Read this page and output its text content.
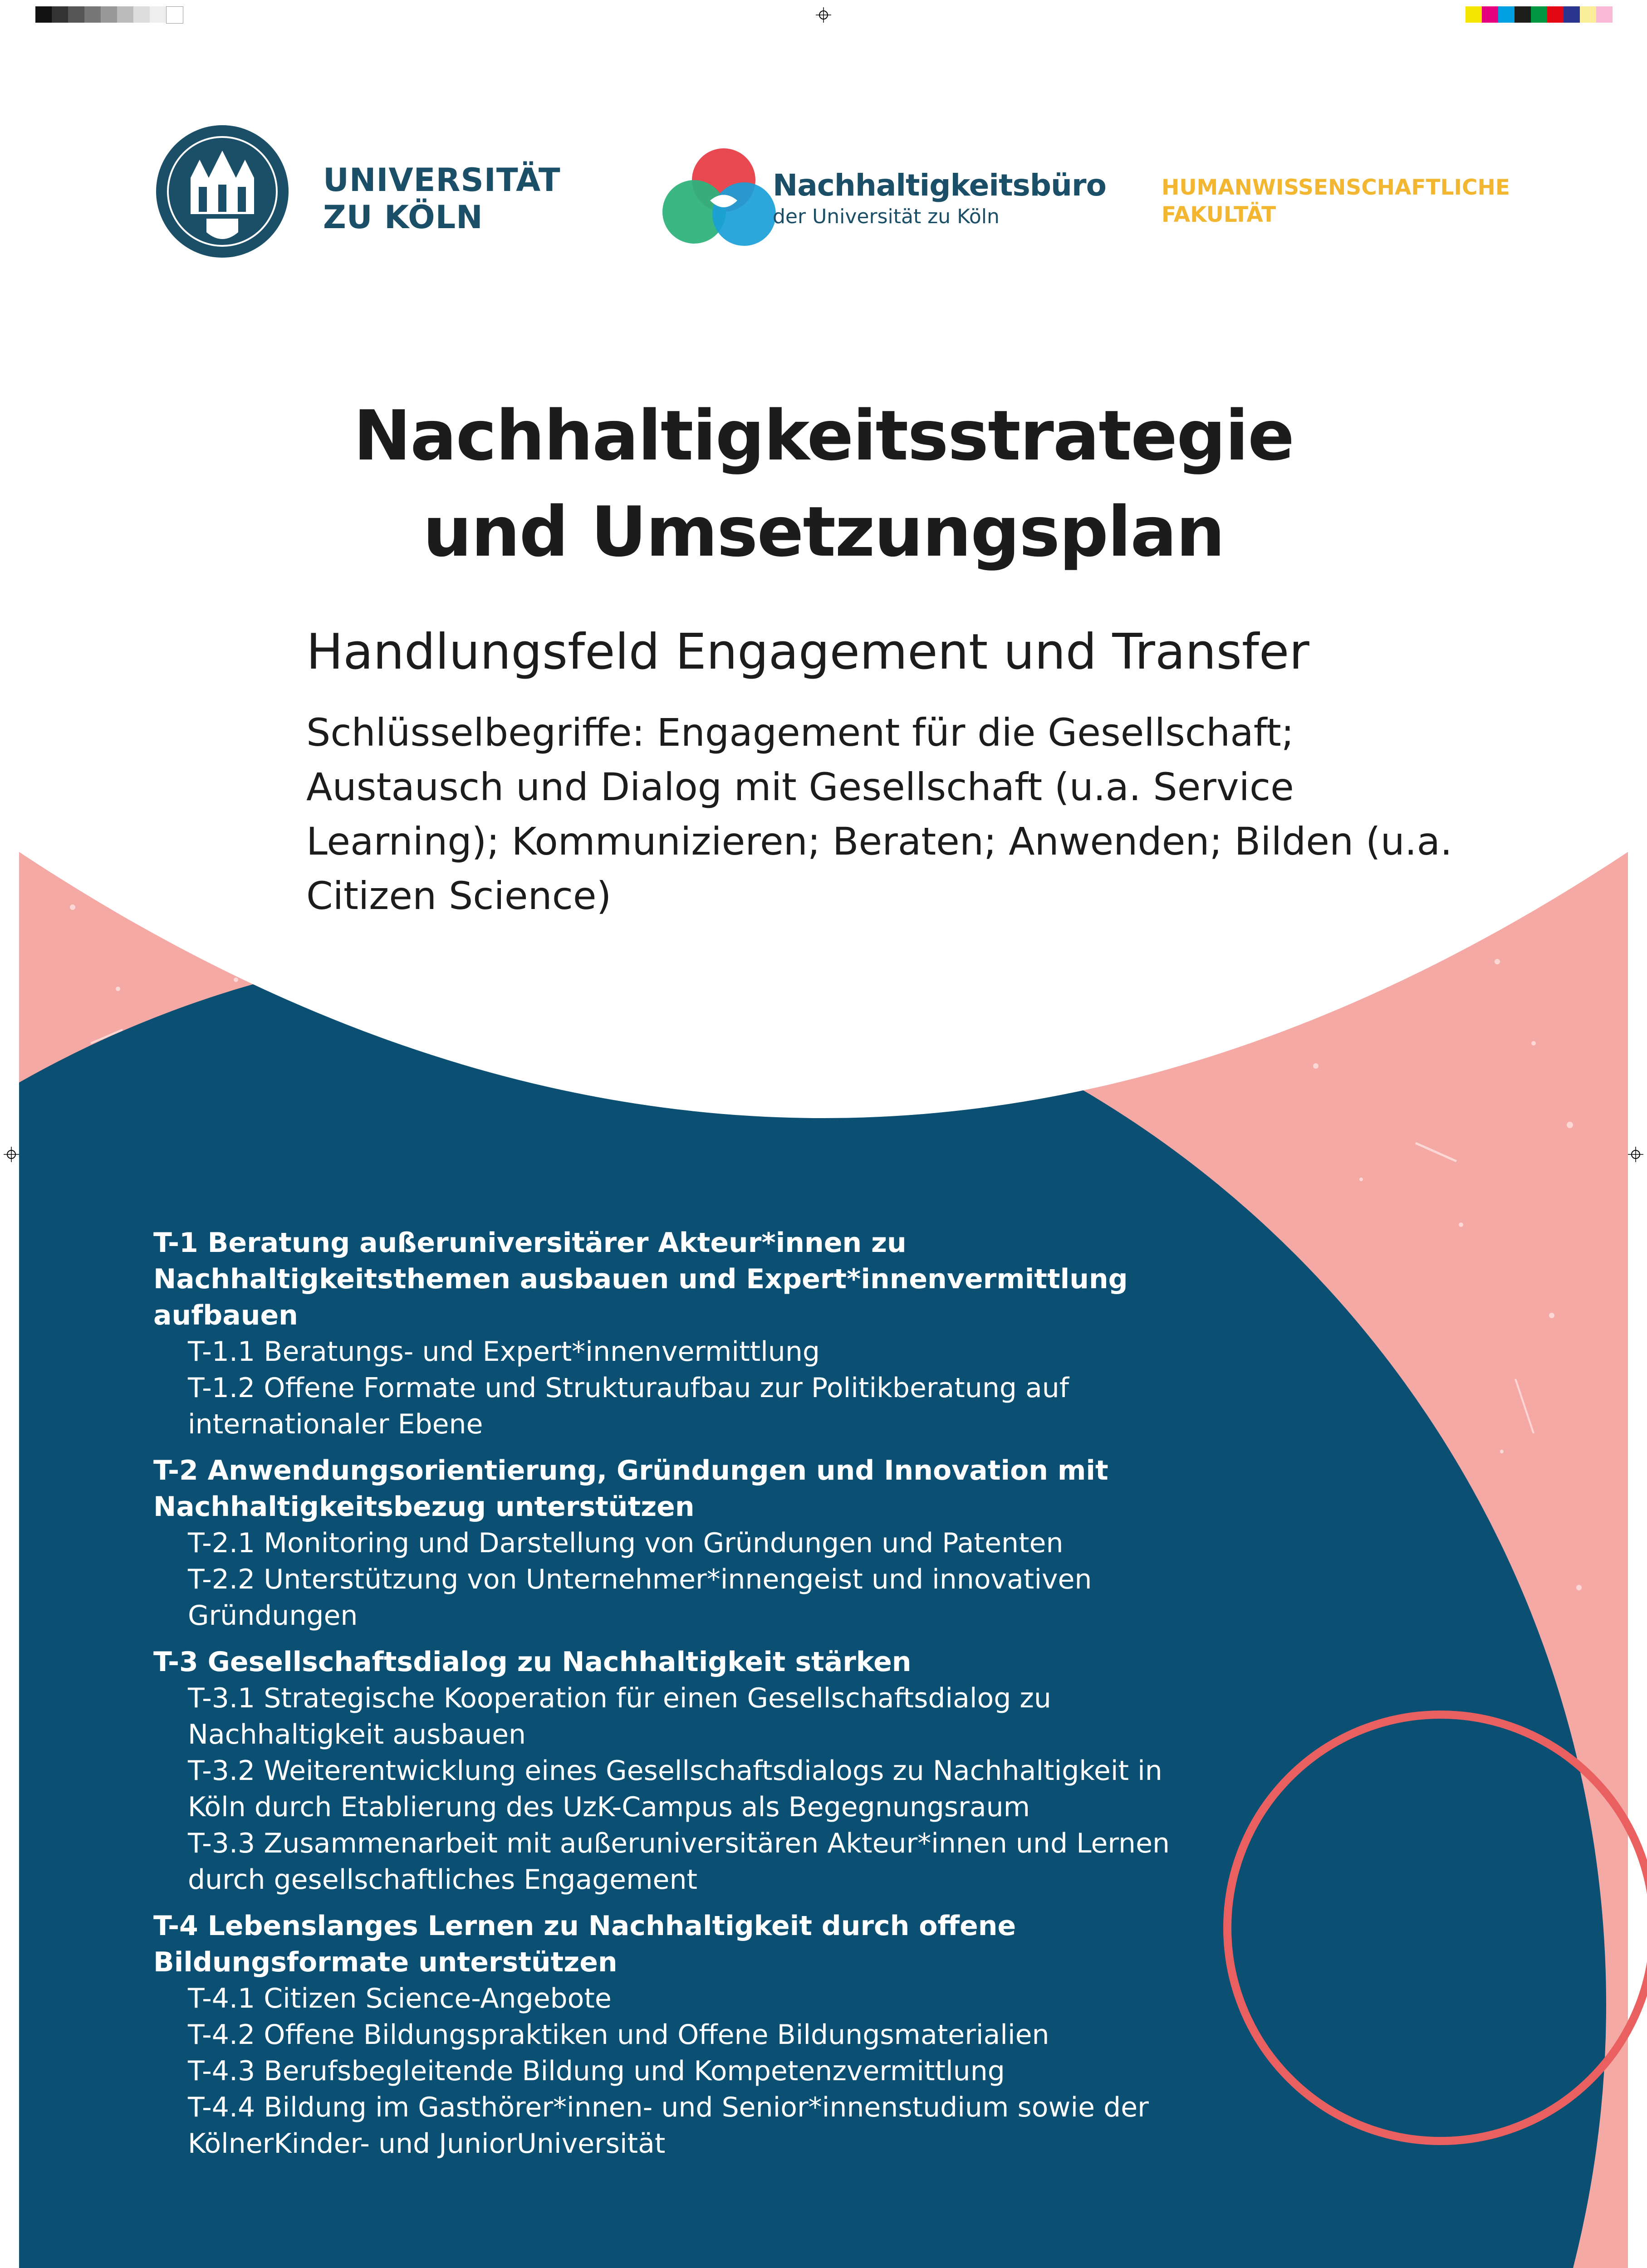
UNIVERSITÄT ZU KÖLN
Nachhaltigkeitsbüro
der Universität zu Köln
HUMANWISSENSCHAFTLICHE FAKULTÄT
Nachhaltigkeitsstrategie und Umsetzungsplan
Handlungsfeld Engagement und Transfer

Schlüsselbegriffe: Engagement für die Gesellschaft; Austausch und Dialog mit Gesellschaft (u.a. Service Learning); Kommunizieren; Beraten; Anwenden; Bilden (u.a. Citizen Science)

T-1 Beratung außeruniversitärer Akteur*innen zu Nachhaltigkeitsthemen ausbauen und Expert*innenvermittlung aufbauen

T-1.1 Beratungs- und Expert*innenvermittlung

T-1.2 Offene Formate und Strukturaufbau zur Politikberatung auf internationaler Ebene

T-2 Anwendungsorientierung, Gründungen und Innovation mit Nachhaltigkeitsbezug unterstützen

T-2.1 Monitoring und Darstellung von Gründungen und Patenten

T-2.2 Unterstützung von Unternehmer*innengeist und innovativen Gründungen

T-3 Gesellschaftsdialog zu Nachhaltigkeit stärken

T-3.1 Strategische Kooperation für einen Gesellschaftsdialog zu Nachhaltigkeit ausbauen

T-3.2 Weiterentwicklung eines Gesellschaftsdialogs zu Nachhaltigkeit in Köln durch Etablierung des UzK-Campus als Begegnungsraum

T-3.3 Zusammenarbeit mit außeruniversitären Akteur*innen und Lernen durch gesellschaftliches Engagement

T-4 Lebenslanges Lernen zu Nachhaltigkeit durch offene Bildungsformate unterstützen

T-4.1 Citizen Science-Angebote

T-4.2 Offene Bildungspraktiken und Offene Bildungsmaterialien

T-4.3 Berufsbegleitende Bildung und Kompetenzvermittlung

T-4.4 Bildung im Gasthörer*innen- und Senior*innenstudium sowie der KölnerKinder- und JuniorUniversität
